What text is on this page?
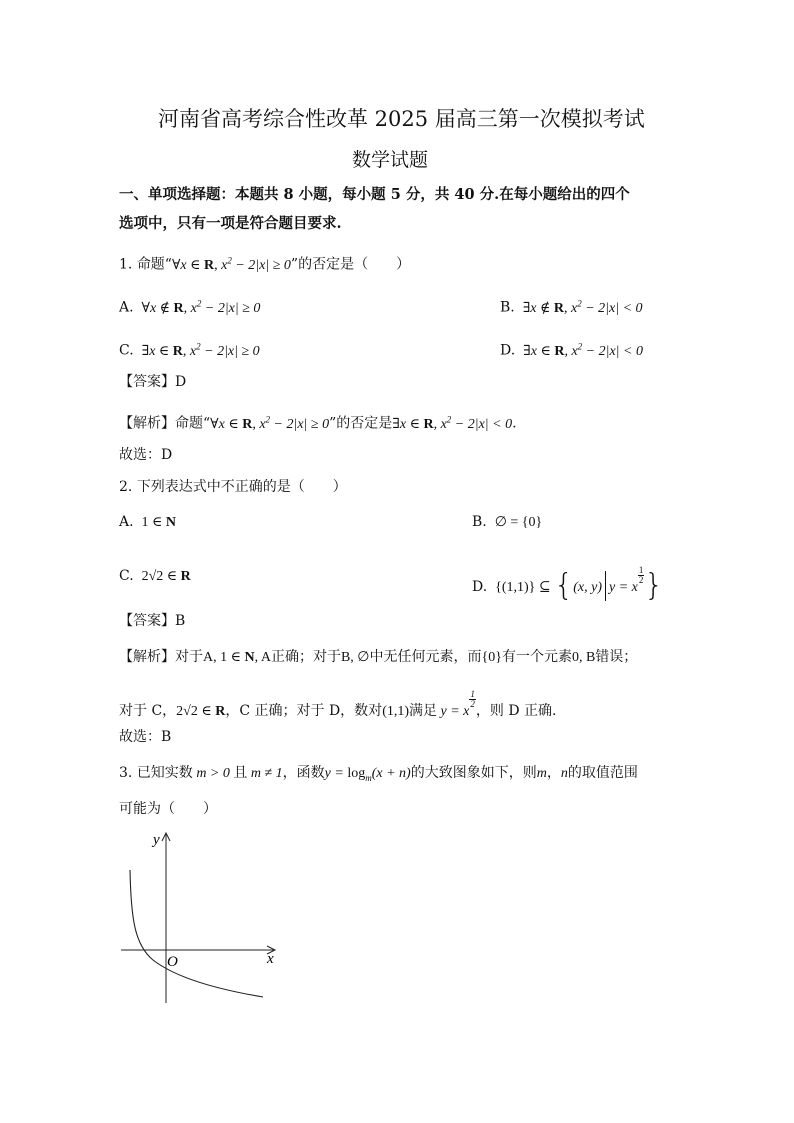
河南省高考综合性改革 2025 届高三第一次模拟考试
数学试题
一、单项选择题：本题共 8 小题，每小题 5 分，共 40 分.在每小题给出的四个
选项中，只有一项是符合题目要求.
1. 命题“∀x ∈ R, $x^2 - 2|x| \ge 0$”的否定是（　　）
A.  ∀x ∉ R, $x^2 - 2|x| \ge 0$	B.  ∃x ∉ R, $x^2 - 2|x| < 0$
C.  ∃x ∈ R, $x^2 - 2|x| \ge 0$	D.  ∃x ∈ R, $x^2 - 2|x| < 0$
【答案】D
【解析】命题“∀x ∈ R, $x^2 - 2|x| \ge 0$”的否定是∃x ∈ R, $x^2 - 2|x| < 0$.
故选：D
2. 下列表达式中不正确的是（　　）
A.  1 ∈ N	B.  ∅ = {0}
C.  2√2 ∈ R
D.  {(1,1)} ⊆ {(x, y) y = x
$\frac{1}{2}$ }
【答案】B
【解析】对于A, 1 ∈ N, A正确；对于B, ∅中无任何元素，而{0}有一个元素0, B错误；
对于 C，2√2 ∈ R，C 正确；对于 D，数对(1,1)满足 y = x
$\frac{1}{2}$
，则 D 正确.
故选：B
3. 已知实数 m > 0 且 m ≠ 1，函数$y = \log_m(x + n)$的大致图象如下，则m，n的取值范围
可能为（　　）
y
x
O
